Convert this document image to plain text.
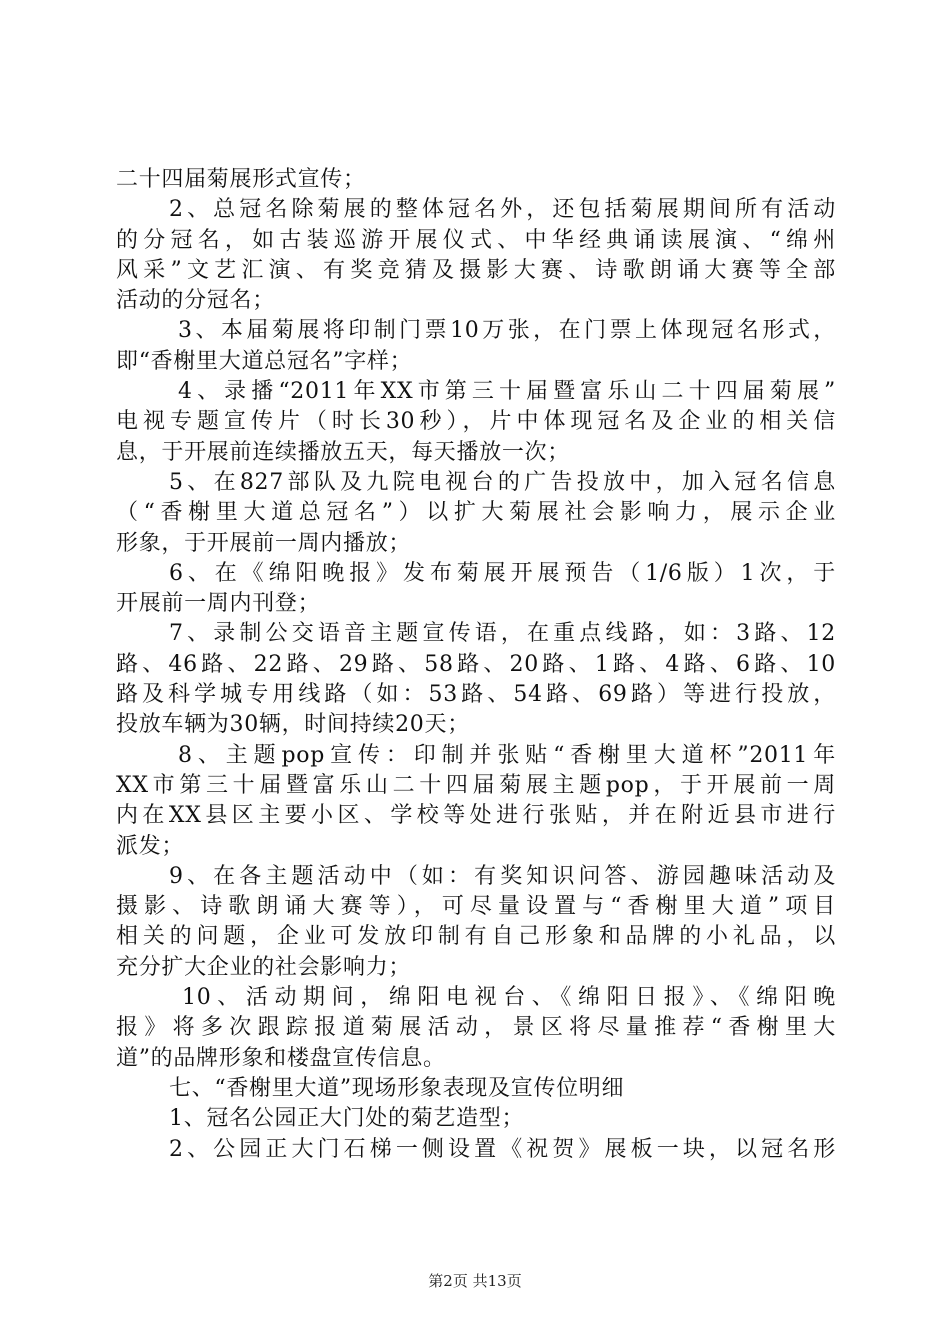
二十四届菊展形式宣传；
2、总冠名除菊展的整体冠名外，还包括菊展期间所有活动
的分冠名，如古装巡游开展仪式、中华经典诵读展演、“绵州
风采”文艺汇演、有奖竞猜及摄影大赛、诗歌朗诵大赛等全部
活动的分冠名；
3、本届菊展将印制门票10万张，在门票上体现冠名形式，
即“香榭里大道总冠名”字样；
4、录播“2011年XX市第三十届暨富乐山二十四届菊展”
电视专题宣传片（时长30秒），片中体现冠名及企业的相关信
息，于开展前连续播放五天，每天播放一次；
5、在827部队及九院电视台的广告投放中，加入冠名信息
（“香榭里大道总冠名”）以扩大菊展社会影响力，展示企业
形象，于开展前一周内播放；
6、在《绵阳晚报》发布菊展开展预告（1/6版）1次，于
开展前一周内刊登；
7、录制公交语音主题宣传语，在重点线路，如：3路、12
路、46路、22路、29路、58路、20路、1路、4路、6路、10
路及科学城专用线路（如：53路、54路、69路）等进行投放，
投放车辆为30辆，时间持续20天；
8、主题pop宣传：印制并张贴“香榭里大道杯”2011年
XX市第三十届暨富乐山二十四届菊展主题pop，于开展前一周
内在XX县区主要小区、学校等处进行张贴，并在附近县市进行
派发；
9、在各主题活动中（如：有奖知识问答、游园趣味活动及
摄影、诗歌朗诵大赛等），可尽量设置与“香榭里大道”项目
相关的问题，企业可发放印制有自己形象和品牌的小礼品，以
充分扩大企业的社会影响力；
10、活动期间，绵阳电视台、《绵阳日报》、《绵阳晚
报》将多次跟踪报道菊展活动，景区将尽量推荐“香榭里大
道”的品牌形象和楼盘宣传信息。
七、“香榭里大道”现场形象表现及宣传位明细
1、冠名公园正大门处的菊艺造型；
2、公园正大门石梯一侧设置《祝贺》展板一块，以冠名形
第2页 共13页
